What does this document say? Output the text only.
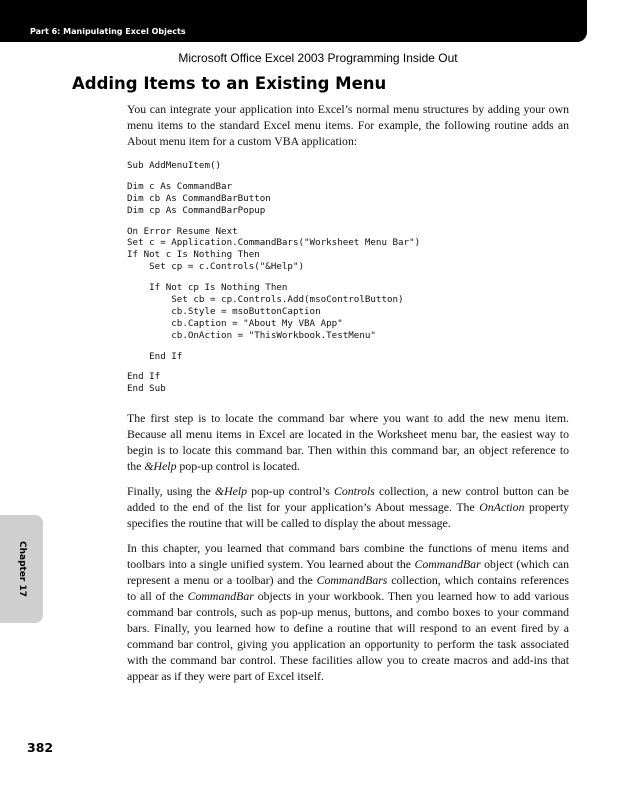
Part 6: Manipulating Excel Objects
Microsoft Office Excel 2003 Programming Inside Out
Adding Items to an Existing Menu

You can integrate your application into Excel’s normal menu structures by adding your own menu items to the standard Excel menu items. For example, the following routine adds an About menu item for a custom VBA application:

Sub AddMenuItem()
Dim c As CommandBar
Dim cb As CommandBarButton
Dim cp As CommandBarPopup
On Error Resume Next
Set c = Application.CommandBars("Worksheet Menu Bar")
If Not c Is Nothing Then
Set cp = c.Controls("&Help")
If Not cp Is Nothing Then
Set cb = cp.Controls.Add(msoControlButton)
cb.Style = msoButtonCaption
cb.Caption = "About My VBA App"
cb.OnAction = "ThisWorkbook.TestMenu"
End If
End If
End Sub

The first step is to locate the command bar where you want to add the new menu item. Because all menu items in Excel are located in the Worksheet menu bar, the easiest way to begin is to locate this command bar. Then within this command bar, an object reference to the &Help pop-up control is located.

Finally, using the &Help pop-up control’s Controls collection, a new control button can be added to the end of the list for your application’s About message. The OnAction property specifies the routine that will be called to display the about message.

In this chapter, you learned that command bars combine the functions of menu items and toolbars into a single unified system. You learned about the CommandBar object (which can represent a menu or a toolbar) and the CommandBars collection, which contains references to all of the CommandBar objects in your workbook. Then you learned how to add various command bar controls, such as pop-up menus, buttons, and combo boxes to your command bars. Finally, you learned how to define a routine that will respond to an event fired by a command bar control, giving you application an opportunity to perform the task associated with the command bar control. These facilities allow you to create macros and add-ins that appear as if they were part of Excel itself.

Chapter 17
382
